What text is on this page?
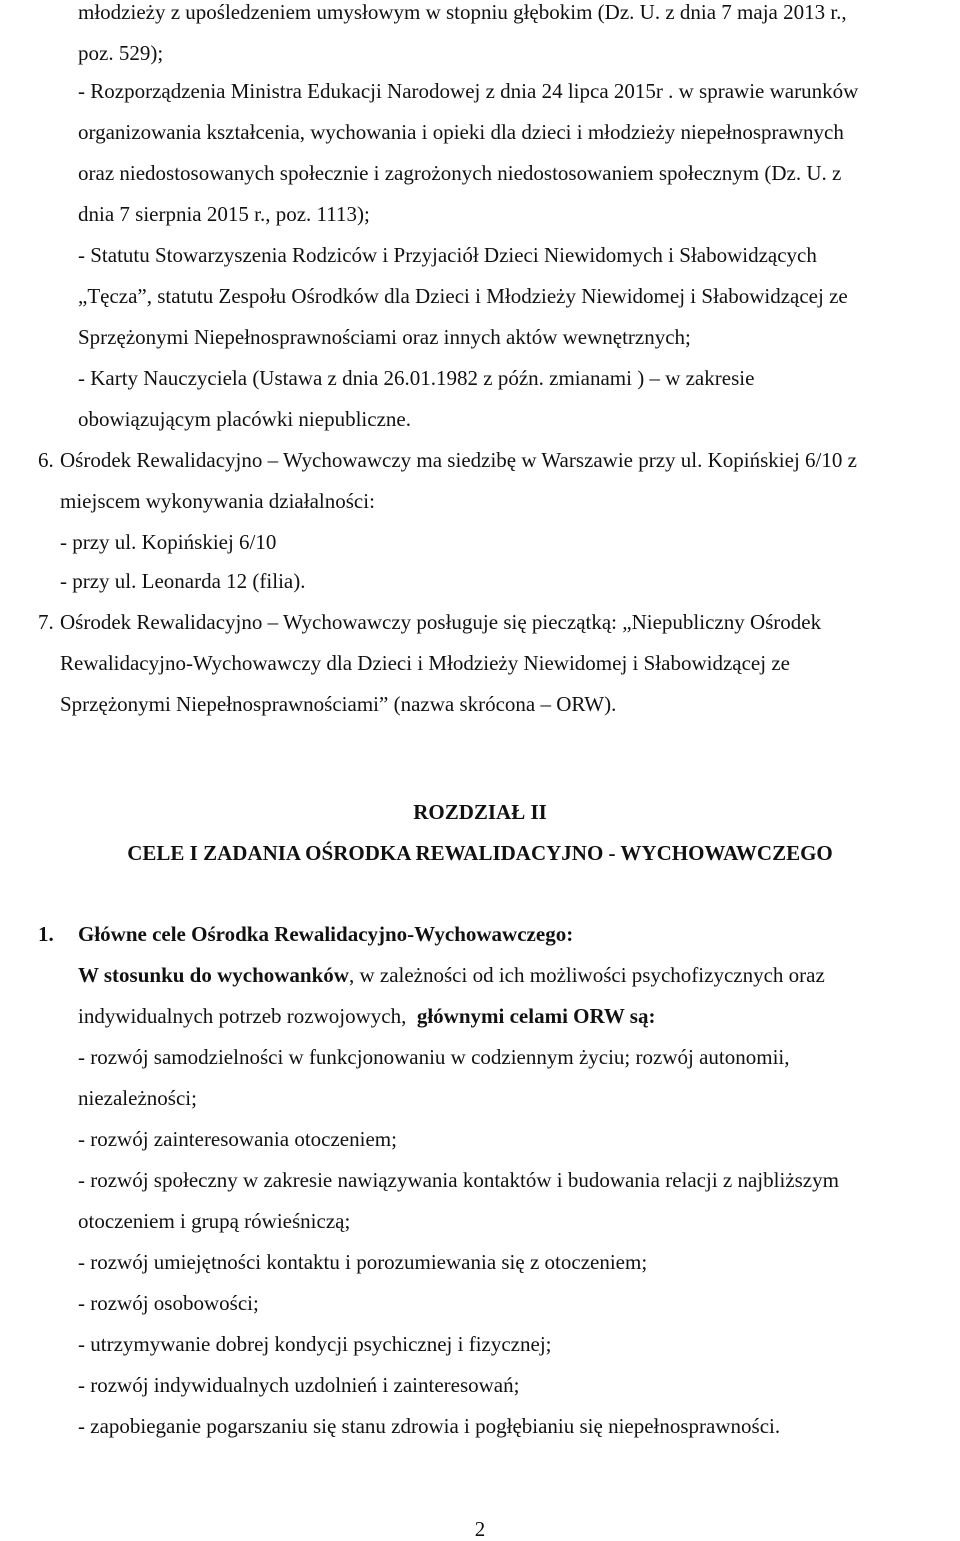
młodzieży z upośledzeniem umysłowym w stopniu głębokim (Dz. U. z dnia 7 maja 2013 r.,
poz. 529);
- Rozporządzenia Ministra Edukacji Narodowej z dnia 24 lipca 2015r . w sprawie warunków
organizowania kształcenia, wychowania i opieki dla dzieci i młodzieży niepełnosprawnych
oraz niedostosowanych społecznie i zagrożonych niedostosowaniem społecznym (Dz. U. z
dnia 7 sierpnia 2015 r., poz. 1113);
- Statutu Stowarzyszenia Rodziców i Przyjaciół Dzieci Niewidomych i Słabowidzących
„Tęcza”, statutu Zespołu Ośrodków dla Dzieci i Młodzieży Niewidomej i Słabowidzącej ze
Sprzężonymi Niepełnosprawnościami oraz innych aktów wewnętrznych;
- Karty Nauczyciela (Ustawa z dnia 26.01.1982 z późn. zmianami ) – w zakresie
obowiązującym placówki niepubliczne.
6. Ośrodek Rewalidacyjno – Wychowawczy ma siedzibę w Warszawie przy ul. Kopińskiej 6/10 z
miejscem wykonywania działalności:
- przy ul. Kopińskiej 6/10
- przy ul. Leonarda 12 (filia).
7. Ośrodek Rewalidacyjno – Wychowawczy posługuje się pieczątką: „Niepubliczny Ośrodek
Rewalidacyjno-Wychowawczy dla Dzieci i Młodzieży Niewidomej i Słabowidzącej ze
Sprzężonymi Niepełnosprawnościami” (nazwa skrócona – ORW).
ROZDZIAŁ II
CELE I ZADANIA OŚRODKA REWALIDACYJNO - WYCHOWAWCZEGO
1. Główne cele Ośrodka Rewalidacyjno-Wychowawczego:
W stosunku do wychowanków, w zależności od ich możliwości psychofizycznych oraz
indywidualnych potrzeb rozwojowych,  głównymi celami ORW są:
- rozwój samodzielności w funkcjonowaniu w codziennym życiu; rozwój autonomii,
niezależności;
- rozwój zainteresowania otoczeniem;
- rozwój społeczny w zakresie nawiązywania kontaktów i budowania relacji z najbliższym
otoczeniem i grupą rówieśniczą;
- rozwój umiejętności kontaktu i porozumiewania się z otoczeniem;
- rozwój osobowości;
- utrzymywanie dobrej kondycji psychicznej i fizycznej;
- rozwój indywidualnych uzdolnień i zainteresowań;
- zapobieganie pogarszaniu się stanu zdrowia i pogłębianiu się niepełnosprawności.
2
